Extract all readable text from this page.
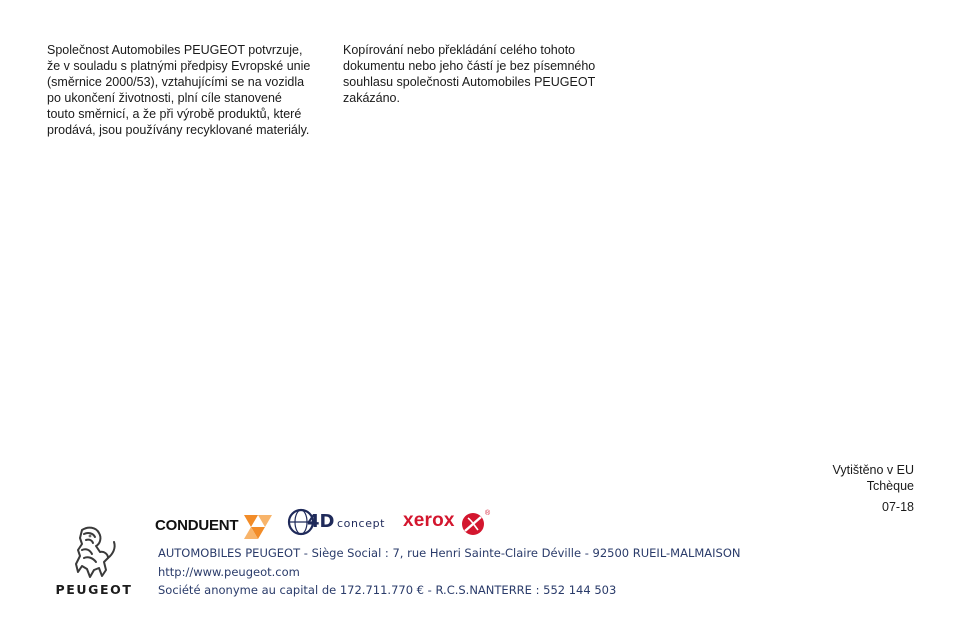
Společnost Automobiles PEUGEOT potvrzuje,
že v souladu s platnými předpisy Evropské unie
(směrnice 2000/53), vztahujícími se na vozidla
po ukončení životnosti, plní cíle stanovené
touto směrnicí, a že při výrobě produktů, které
prodává, jsou používány recyklované materiály.
Kopírování nebo překládání celého tohoto
dokumentu nebo jeho částí je bez písemného
souhlasu společnosti Automobiles PEUGEOT
zakázáno.
Vytištěno v EU
Tchèque
07-18
PEUGEOT
CONDUENT	4D concept xerox	®
AUTOMOBILES PEUGEOT - Siège Social : 7, rue Henri Sainte-Claire Déville - 92500 RUEIL-MALMAISON
http://www.peugeot.com
Société anonyme au capital de 172.711.770 € - R.C.S.NANTERRE : 552 144 503
